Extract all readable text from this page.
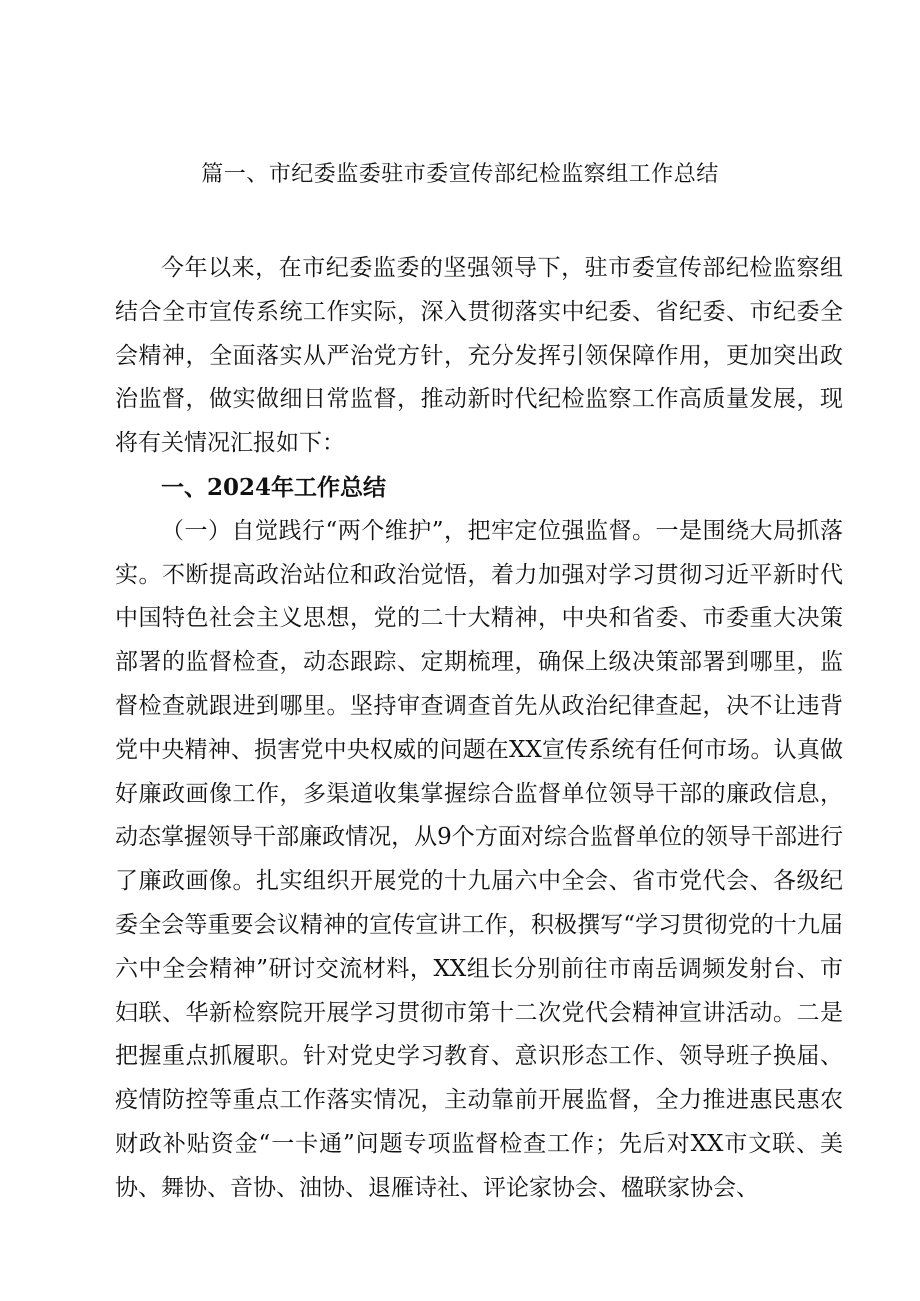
篇一、市纪委监委驻市委宣传部纪检监察组工作总结

今年以来，在市纪委监委的坚强领导下，驻市委宣传部纪检监察组结合全市宣传系统工作实际，深入贯彻落实中纪委、省纪委、市纪委全会精神，全面落实从严治党方针，充分发挥引领保障作用，更加突出政治监督，做实做细日常监督，推动新时代纪检监察工作高质量发展，现将有关情况汇报如下：

一、2024年工作总结

（一）自觉践行“两个维护”，把牢定位强监督。一是围绕大局抓落实。不断提高政治站位和政治觉悟，着力加强对学习贯彻习近平新时代中国特色社会主义思想，党的二十大精神，中央和省委、市委重大决策部署的监督检查，动态跟踪、定期梳理，确保上级决策部署到哪里，监督检查就跟进到哪里。坚持审查调查首先从政治纪律查起，决不让违背党中央精神、损害党中央权威的问题在XX宣传系统有任何市场。认真做好廉政画像工作，多渠道收集掌握综合监督单位领导干部的廉政信息，动态掌握领导干部廉政情况，从9个方面对综合监督单位的领导干部进行了廉政画像。扎实组织开展党的十九届六中全会、省市党代会、各级纪委全会等重要会议精神的宣传宣讲工作，积极撰写“学习贯彻党的十九届六中全会精神”研讨交流材料，XX组长分别前往市南岳调频发射台、市妇联、华新检察院开展学习贯彻市第十二次党代会精神宣讲活动。二是把握重点抓履职。针对党史学习教育、意识形态工作、领导班子换届、疫情防控等重点工作落实情况，主动靠前开展监督，全力推进惠民惠农财政补贴资金“一卡通”问题专项监督检查工作；先后对XX市文联、美协、舞协、音协、油协、退雁诗社、评论家协会、楹联家协会、
